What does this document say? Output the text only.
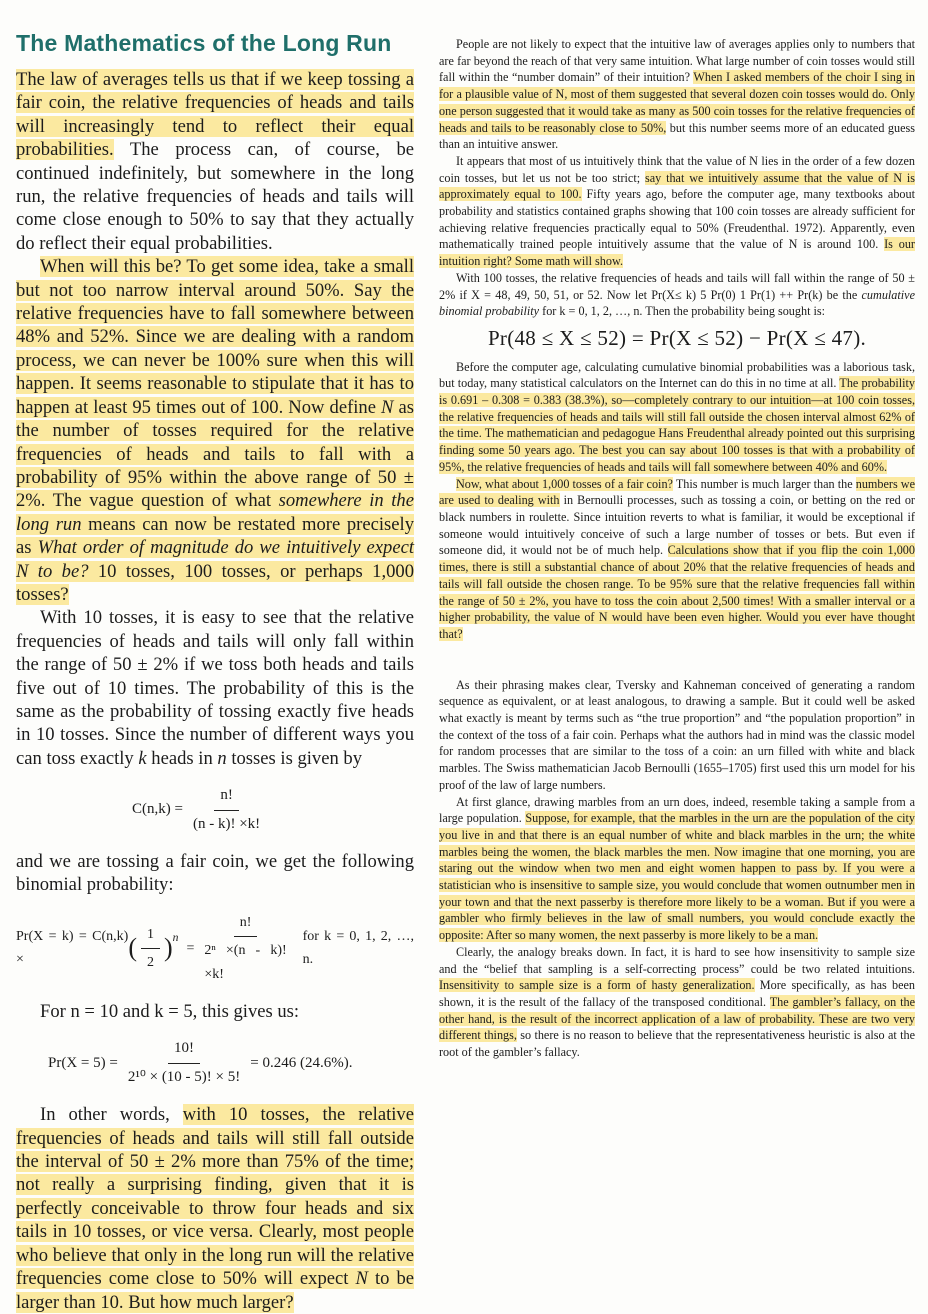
The Mathematics of the Long Run

The law of averages tells us that if we keep tossing a fair coin, the relative frequencies of heads and tails will increasingly tend to reflect their equal probabilities. The process can, of course, be continued indefinitely, but somewhere in the long run, the relative frequencies of heads and tails will come close enough to 50% to say that they actually do reflect their equal probabilities.

When will this be? To get some idea, take a small but not too narrow interval around 50%. Say the relative frequencies have to fall somewhere between 48% and 52%. Since we are dealing with a random process, we can never be 100% sure when this will happen. It seems reasonable to stipulate that it has to happen at least 95 times out of 100. Now define N as the number of tosses required for the relative frequencies of heads and tails to fall with a probability of 95% within the above range of 50 ± 2%. The vague question of what somewhere in the long run means can now be restated more precisely as What order of magnitude do we intuitively expect N to be? 10 tosses, 100 tosses, or perhaps 1,000 tosses?

With 10 tosses, it is easy to see that the relative frequencies of heads and tails will only fall within the range of 50 ± 2% if we toss both heads and tails five out of 10 times. The probability of this is the same as the probability of tossing exactly five heads in 10 tosses. Since the number of different ways you can toss exactly k heads in n tosses is given by

$C(n,k) = \frac{n!}{(n - k)! \times k!}$

and we are tossing a fair coin, we get the following binomial probability:

Pr(X = k) = C(n,k) ×	( $\frac{1}{2} )^n$
= $\frac{n!}{\text{2ⁿ ×(n - k)! ×k!}}$ for k = 0, 1, 2, …, n.

For n = 10 and k = 5, this gives us:

$Pr(X = 5) = \frac{10!}{\text{2¹⁰ × (10 - 5)! × 5!}} = 0.246$ (24.6%).

In other words, with 10 tosses, the relative frequencies of heads and tails will still fall outside the interval of 50 ± 2% more than 75% of the time; not really a surprising finding, given that it is perfectly conceivable to throw four heads and six tails in 10 tosses, or vice versa. Clearly, most people who believe that only in the long run will the relative frequencies come close to 50% will expect N to be larger than 10. But how much larger?

People are not likely to expect that the intuitive law of averages applies only to numbers that are far beyond the reach of that very same intuition. What large number of coin tosses would still fall within the “number domain” of their intuition? When I asked members of the choir I sing in for a plausible value of N, most of them suggested that several dozen coin tosses would do. Only one person suggested that it would take as many as 500 coin tosses for the relative frequencies of heads and tails to be reasonably close to 50%, but this number seems more of an educated guess than an intuitive answer.

It appears that most of us intuitively think that the value of N lies in the order of a few dozen coin tosses, but let us not be too strict; say that we intuitively assume that the value of N is approximately equal to 100. Fifty years ago, before the computer age, many textbooks about probability and statistics contained graphs showing that 100 coin tosses are already sufficient for achieving relative frequencies practically equal to 50% (Freudenthal. 1972). Apparently, even mathematically trained people intuitively assume that the value of N is around 100. Is our intuition right? Some math will show.

With 100 tosses, the relative frequencies of heads and tails will fall within the range of 50 ± 2% if X = 48, 49, 50, 51, or 52. Now let Pr(X≤ k) 5 Pr(0) 1 Pr(1) ++ Pr(k) be the cumulative binomial probability for k = 0, 1, 2, …, n. Then the probability being sought is:

Pr(48 ≤ X ≤ 52) = Pr(X ≤ 52) − Pr(X ≤ 47).

Before the computer age, calculating cumulative binomial probabilities was a laborious task, but today, many statistical calculators on the Internet can do this in no time at all. The probability is 0.691 – 0.308 = 0.383 (38.3%), so—completely contrary to our intuition—at 100 coin tosses, the relative frequencies of heads and tails will still fall outside the chosen interval almost 62% of the time. The mathematician and pedagogue Hans Freudenthal already pointed out this surprising finding some 50 years ago. The best you can say about 100 tosses is that with a probability of 95%, the relative frequencies of heads and tails will fall somewhere between 40% and 60%.

Now, what about 1,000 tosses of a fair coin? This number is much larger than the numbers we are used to dealing with in Bernoulli processes, such as tossing a coin, or betting on the red or black numbers in roulette. Since intuition reverts to what is familiar, it would be exceptional if someone would intuitively conceive of such a large number of tosses or bets. But even if someone did, it would not be of much help. Calculations show that if you flip the coin 1,000 times, there is still a substantial chance of about 20% that the relative frequencies of heads and tails will fall outside the chosen range. To be 95% sure that the relative frequencies fall within the range of 50 ± 2%, you have to toss the coin about 2,500 times! With a smaller interval or a higher probability, the value of N would have been even higher. Would you ever have thought that?

As their phrasing makes clear, Tversky and Kahneman conceived of generating a random sequence as equivalent, or at least analogous, to drawing a sample. But it could well be asked what exactly is meant by terms such as “the true proportion” and “the population proportion” in the context of the toss of a fair coin. Perhaps what the authors had in mind was the classic model for random processes that are similar to the toss of a coin: an urn filled with white and black marbles. The Swiss mathematician Jacob Bernoulli (1655–1705) first used this urn model for his proof of the law of large numbers.

At first glance, drawing marbles from an urn does, indeed, resemble taking a sample from a large population. Suppose, for example, that the marbles in the urn are the population of the city you live in and that there is an equal number of white and black marbles in the urn; the white marbles being the women, the black marbles the men. Now imagine that one morning, you are staring out the window when two men and eight women happen to pass by. If you were a statistician who is insensitive to sample size, you would conclude that women outnumber men in your town and that the next passerby is therefore more likely to be a woman. But if you were a gambler who firmly believes in the law of small numbers, you would conclude exactly the opposite: After so many women, the next passerby is more likely to be a man.

Clearly, the analogy breaks down. In fact, it is hard to see how insensitivity to sample size and the “belief that sampling is a self-correcting process” could be two related intuitions. Insensitivity to sample size is a form of hasty generalization. More specifically, as has been shown, it is the result of the fallacy of the transposed conditional. The gambler’s fallacy, on the other hand, is the result of the incorrect application of a law of probability. These are two very different things, so there is no reason to believe that the representativeness heuristic is also at the root of the gambler’s fallacy.
